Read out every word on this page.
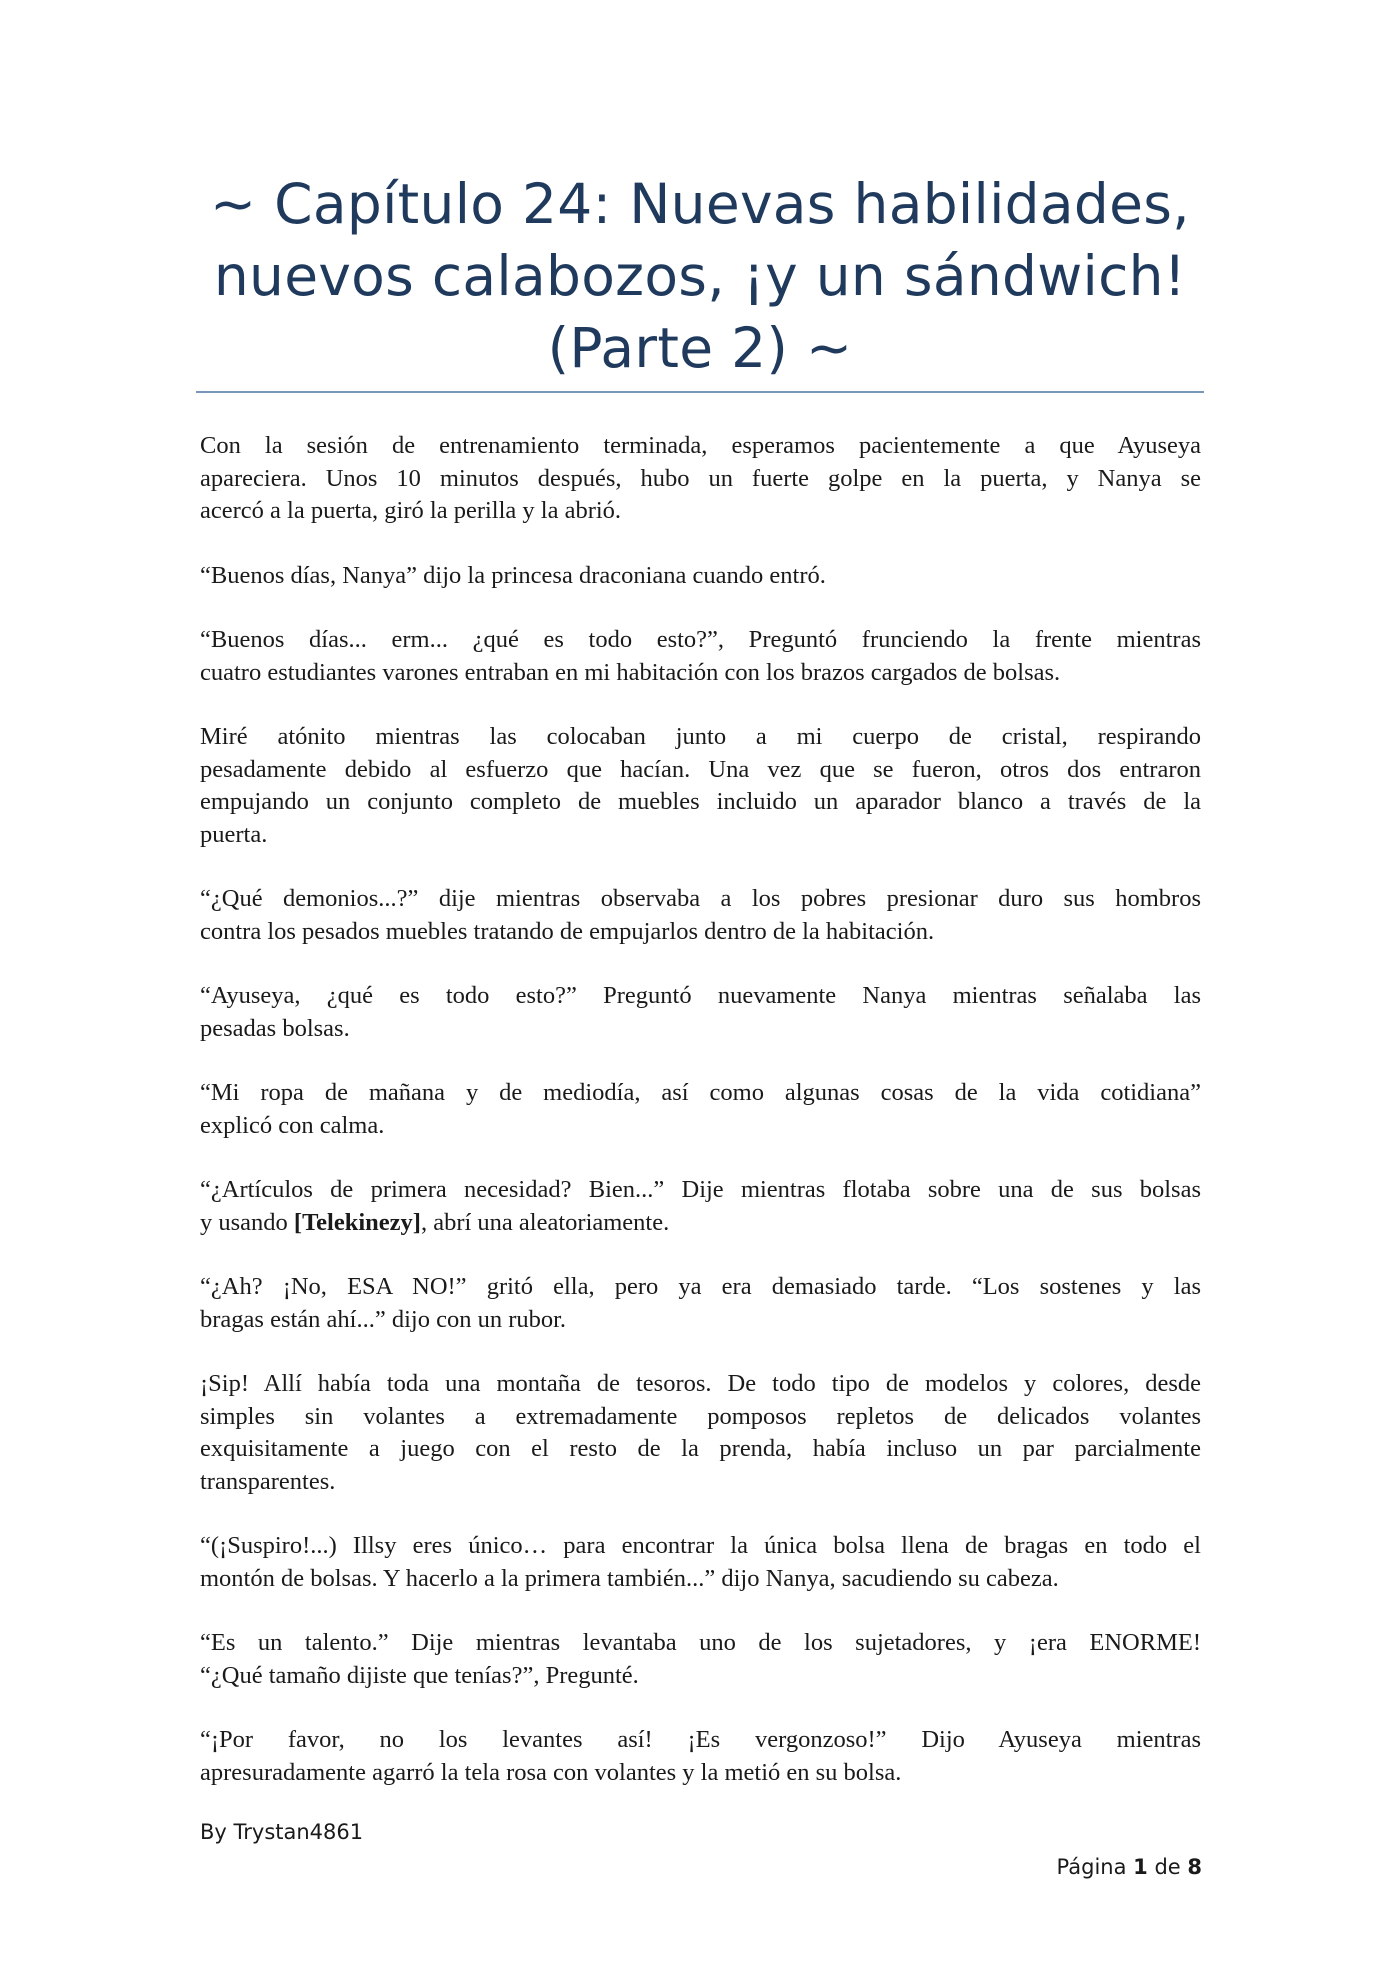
~ Capítulo 24: Nuevas habilidades,
nuevos calabozos, ¡y un sándwich!
(Parte 2) ~

Con la sesión de entrenamiento terminada, esperamos pacientemente a que Ayuseya
apareciera. Unos 10 minutos después, hubo un fuerte golpe en la puerta, y Nanya se
acercó a la puerta, giró la perilla y la abrió.

“Buenos días, Nanya” dijo la princesa draconiana cuando entró.

“Buenos días... erm... ¿qué es todo esto?”, Preguntó frunciendo la frente mientras
cuatro estudiantes varones entraban en mi habitación con los brazos cargados de bolsas.

Miré atónito mientras las colocaban junto a mi cuerpo de cristal, respirando
pesadamente debido al esfuerzo que hacían. Una vez que se fueron, otros dos entraron
empujando un conjunto completo de muebles incluido un aparador blanco a través de la
puerta.

“¿Qué demonios...?” dije mientras observaba a los pobres presionar duro sus hombros
contra los pesados muebles tratando de empujarlos dentro de la habitación.

“Ayuseya, ¿qué es todo esto?” Preguntó nuevamente Nanya mientras señalaba las
pesadas bolsas.

“Mi ropa de mañana y de mediodía, así como algunas cosas de la vida cotidiana”
explicó con calma.

“¿Artículos de primera necesidad? Bien...” Dije mientras flotaba sobre una de sus bolsas
y usando [Telekinezy], abrí una aleatoriamente.

“¿Ah? ¡No, ESA NO!” gritó ella, pero ya era demasiado tarde. “Los sostenes y las
bragas están ahí...” dijo con un rubor.

¡Sip! Allí había toda una montaña de tesoros. De todo tipo de modelos y colores, desde
simples sin volantes a extremadamente pomposos repletos de delicados volantes
exquisitamente a juego con el resto de la prenda, había incluso un par parcialmente
transparentes.

“(¡Suspiro!...) Illsy eres único… para encontrar la única bolsa llena de bragas en todo el
montón de bolsas. Y hacerlo a la primera también...” dijo Nanya, sacudiendo su cabeza.

“Es un talento.” Dije mientras levantaba uno de los sujetadores, y ¡era ENORME!
“¿Qué tamaño dijiste que tenías?”, Pregunté.

“¡Por favor, no los levantes así! ¡Es vergonzoso!” Dijo Ayuseya mientras
apresuradamente agarró la tela rosa con volantes y la metió en su bolsa.

By Trystan4861
Página 1 de 8
